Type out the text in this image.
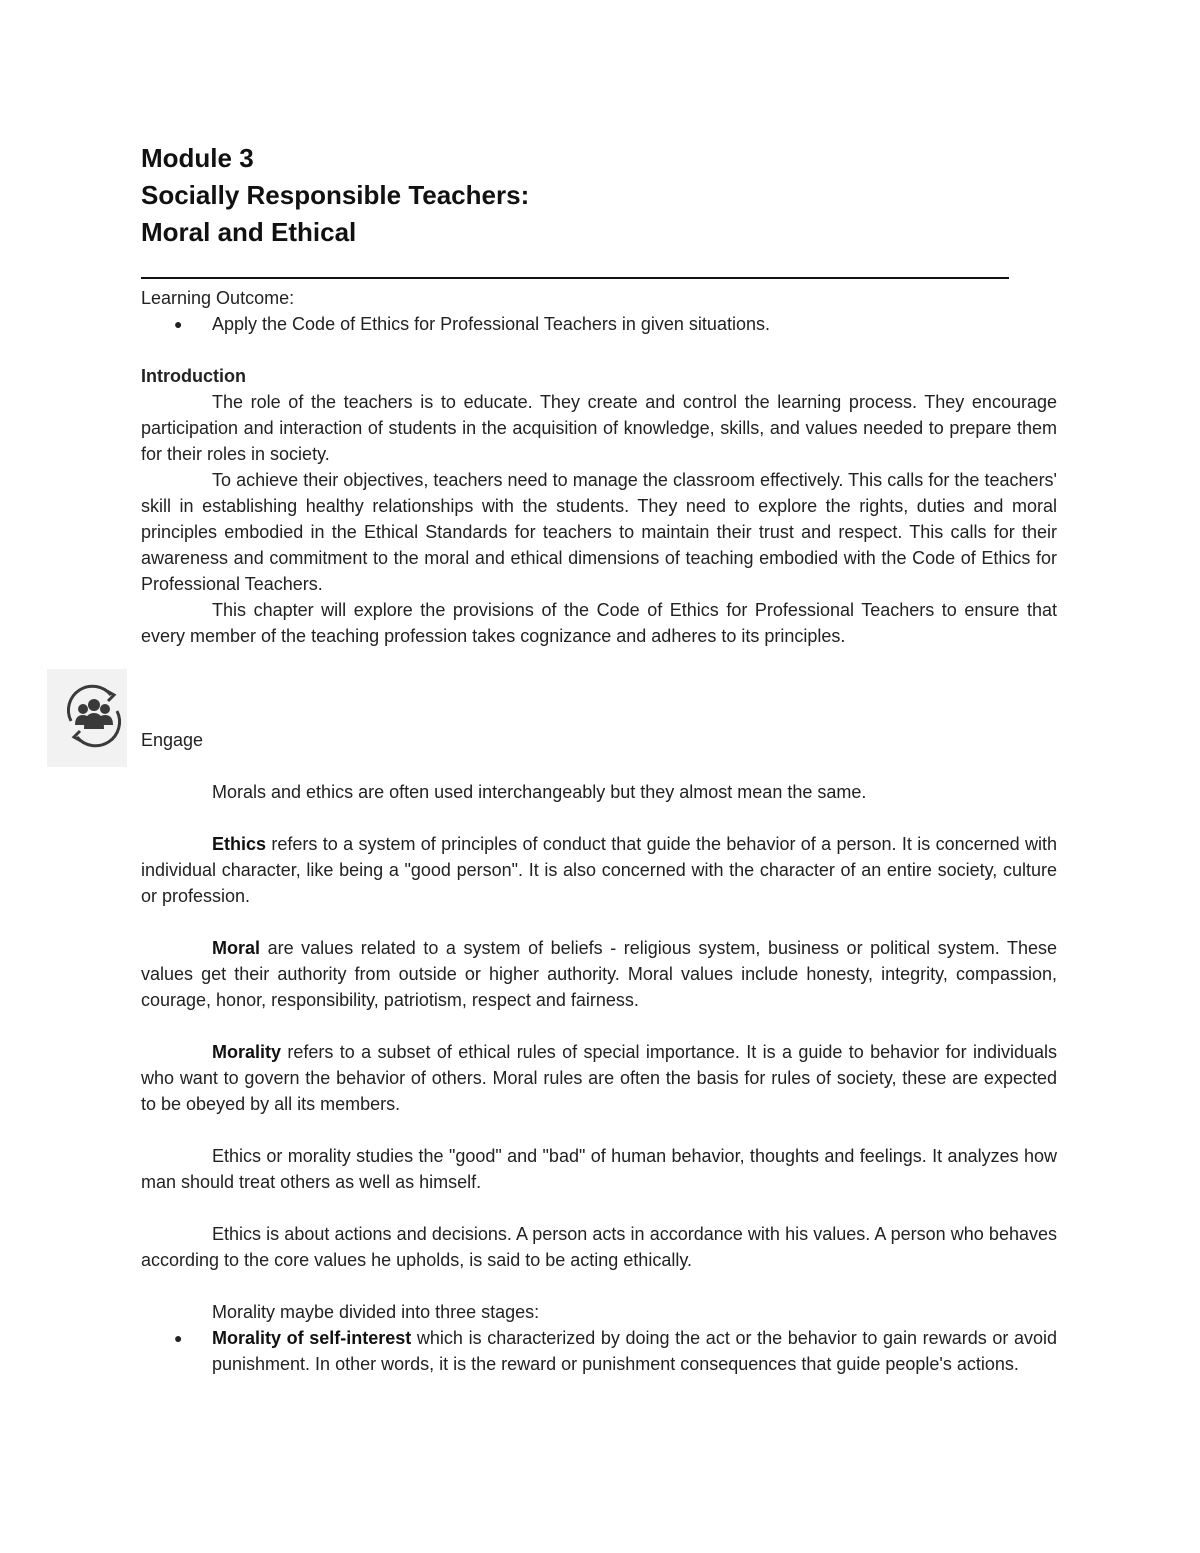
Module 3
Socially Responsible Teachers:
Moral and Ethical

Learning Outcome:

● Apply the Code of Ethics for Professional Teachers in given situations.

Introduction

The role of the teachers is to educate. They create and control the learning process. They encourage participation and interaction of students in the acquisition of knowledge, skills, and values needed to prepare them for their roles in society.

To achieve their objectives, teachers need to manage the classroom effectively. This calls for the teachers' skill in establishing healthy relationships with the students. They need to explore the rights, duties and moral principles embodied in the Ethical Standards for teachers to maintain their trust and respect. This calls for their awareness and commitment to the moral and ethical dimensions of teaching embodied with the Code of Ethics for Professional Teachers.

This chapter will explore the provisions of the Code of Ethics for Professional Teachers to ensure that every member of the teaching profession takes cognizance and adheres to its principles.

Engage

Morals and ethics are often used interchangeably but they almost mean the same.

Ethics refers to a system of principles of conduct that guide the behavior of a person. It is concerned with individual character, like being a "good person". It is also concerned with the character of an entire society, culture or profession.

Moral are values related to a system of beliefs - religious system, business or political system. These values get their authority from outside or higher authority. Moral values include honesty, integrity, compassion, courage, honor, responsibility, patriotism, respect and fairness.

Morality refers to a subset of ethical rules of special importance. It is a guide to behavior for individuals who want to govern the behavior of others. Moral rules are often the basis for rules of society, these are expected to be obeyed by all its members.

Ethics or morality studies the "good" and "bad" of human behavior, thoughts and feelings. It analyzes how man should treat others as well as himself.

Ethics is about actions and decisions. A person acts in accordance with his values. A person who behaves according to the core values he upholds, is said to be acting ethically.

Morality maybe divided into three stages:

● Morality of self-interest which is characterized by doing the act or the behavior to gain rewards or avoid punishment. In other words, it is the reward or punishment consequences that guide people's actions.
